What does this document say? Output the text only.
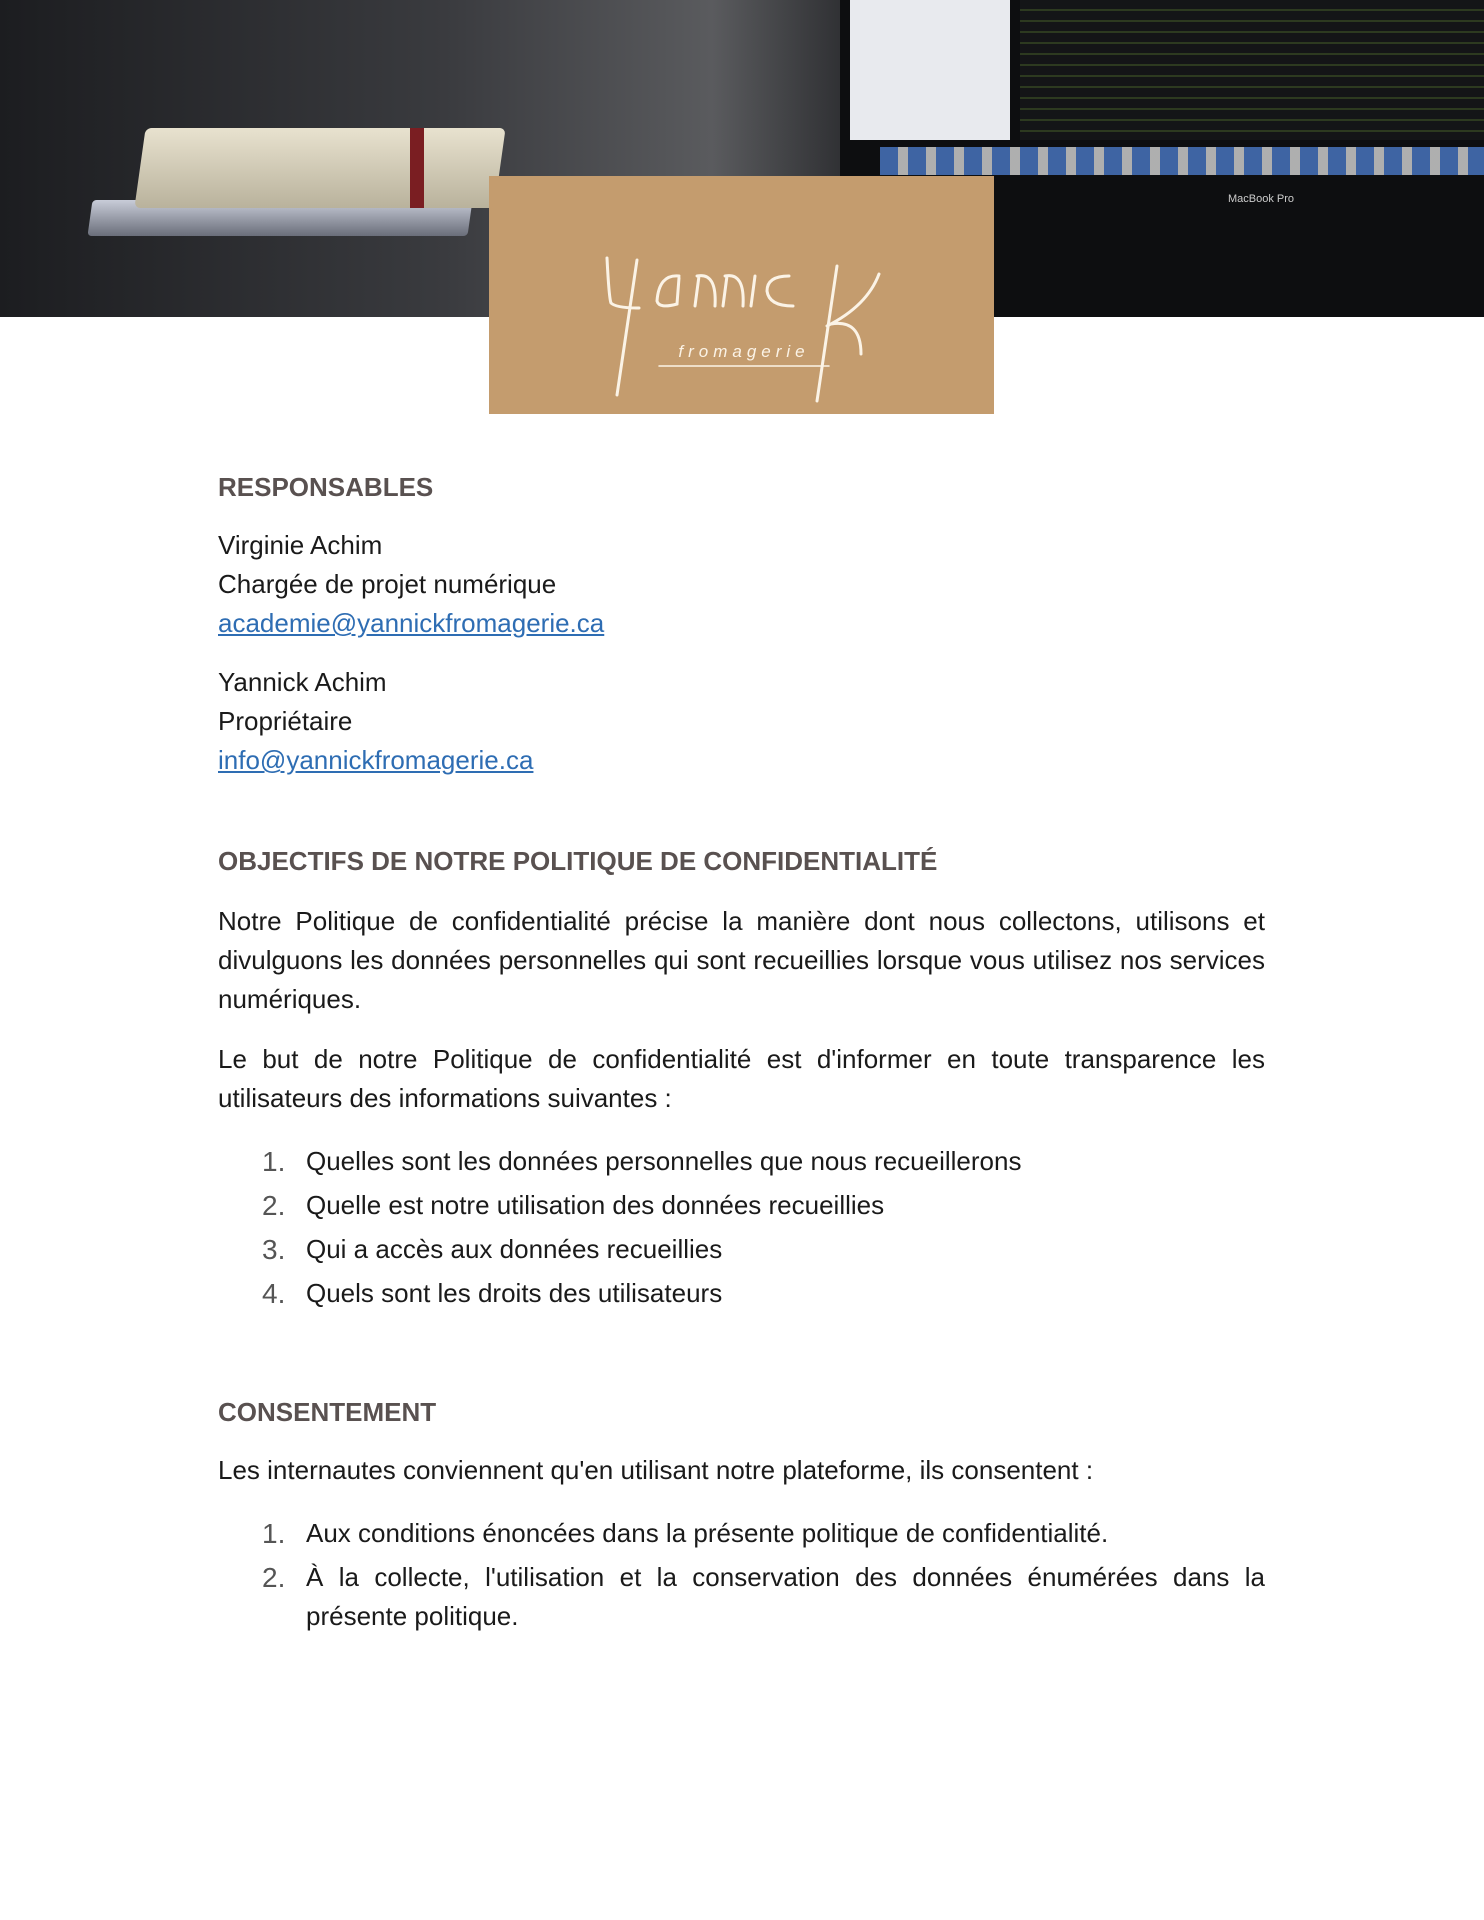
MacBook Pro
fromagerie
RESPONSABLES

Virginie Achim

Chargée de projet numérique

academie@yannickfromagerie.ca

Yannick Achim

Propriétaire

info@yannickfromagerie.ca

OBJECTIFS DE NOTRE POLITIQUE DE CONFIDENTIALITÉ

Notre Politique de confidentialité précise la manière dont nous collectons, utilisons et divulguons les données personnelles qui sont recueillies lorsque vous utilisez nos services numériques.

Le but de notre Politique de confidentialité est d'informer en toute transparence les utilisateurs des informations suivantes :

1. Quelles sont les données personnelles que nous recueillerons
2. Quelle est notre utilisation des données recueillies
3. Qui a accès aux données recueillies
4. Quels sont les droits des utilisateurs
CONSENTEMENT

Les internautes conviennent qu'en utilisant notre plateforme, ils consentent :

1. Aux conditions énoncées dans la présente politique de confidentialité.
2. À la collecte, l'utilisation et la conservation des données énumérées dans la présente politique.
